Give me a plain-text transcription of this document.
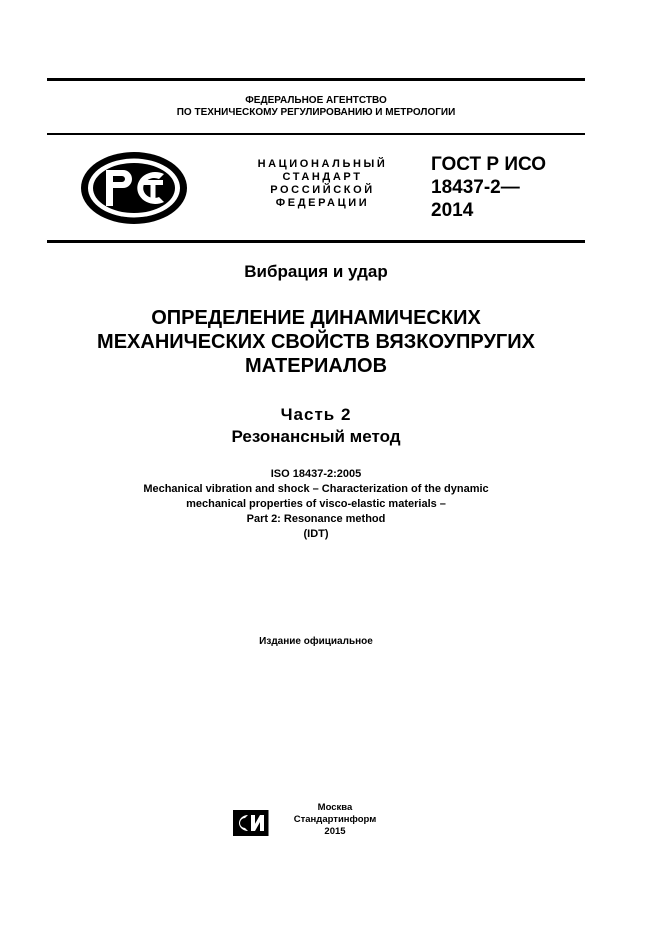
ФЕДЕРАЛЬНОЕ АГЕНТСТВО
ПО ТЕХНИЧЕСКОМУ РЕГУЛИРОВАНИЮ И МЕТРОЛОГИИ
НАЦИОНАЛЬНЫЙ
СТАНДАРТ
РОССИЙСКОЙ
ФЕДЕРАЦИИ
ГОСТ Р ИСО
18437-2—
2014
Вибрация и удар
ОПРЕДЕЛЕНИЕ ДИНАМИЧЕСКИХ
МЕХАНИЧЕСКИХ СВОЙСТВ ВЯЗКОУПРУГИХ
МАТЕРИАЛОВ
Часть 2
Резонансный метод
ISO 18437-2:2005
Mechanical vibration and shock – Characterization of the dynamic
mechanical properties of visco-elastic materials –
Part 2: Resonance method
(IDT)
Издание официальное
Москва
Стандартинформ
2015
